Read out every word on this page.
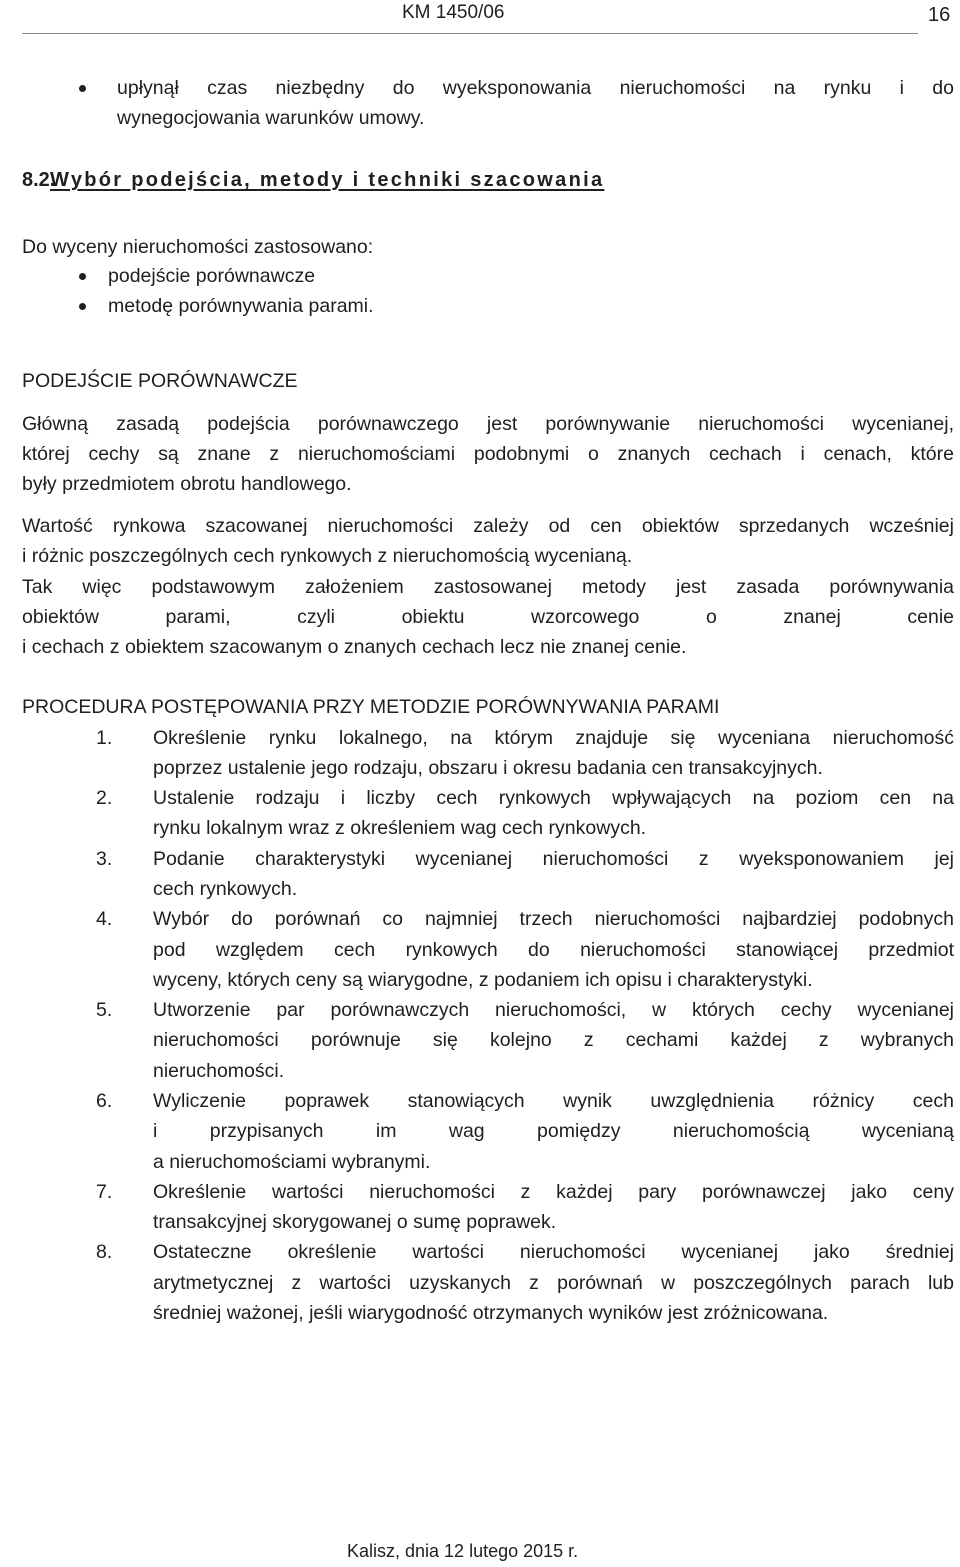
KM 1450/06	16
upłynął czas niezbędny do wyeksponowania nieruchomości na rynku i do
wynegocjowania warunków umowy.
8.2.
Wybór podejścia, metody i techniki szacowania
Do wyceny nieruchomości zastosowano:
podejście porównawcze
metodę porównywania parami.
PODEJŚCIE PORÓWNAWCZE
Główną zasadą podejścia porównawczego jest porównywanie nieruchomości wycenianej,
której cechy są znane z nieruchomościami podobnymi o znanych cechach i cenach, które
były przedmiotem obrotu handlowego.
Wartość rynkowa szacowanej nieruchomości zależy od cen obiektów sprzedanych wcześniej
i różnic poszczególnych cech rynkowych z nieruchomością wycenianą.
Tak więc podstawowym założeniem zastosowanej metody jest zasada porównywania
obiektów parami, czyli obiektu wzorcowego o znanej cenie
i cechach z obiektem szacowanym o znanych cechach lecz nie znanej cenie.
PROCEDURA POSTĘPOWANIA PRZY METODZIE PORÓWNYWANIA PARAMI
1. Określenie rynku lokalnego, na którym znajduje się wyceniana nieruchomość
poprzez ustalenie jego rodzaju, obszaru i okresu badania cen transakcyjnych.
2. Ustalenie rodzaju i liczby cech rynkowych wpływających na poziom cen na
rynku lokalnym wraz z określeniem wag cech rynkowych.
3. Podanie charakterystyki wycenianej nieruchomości z wyeksponowaniem jej
cech rynkowych.
4. Wybór do porównań co najmniej trzech nieruchomości najbardziej podobnych
pod względem cech rynkowych do nieruchomości stanowiącej przedmiot
wyceny, których ceny są wiarygodne, z podaniem ich opisu i charakterystyki.
5. Utworzenie par porównawczych nieruchomości, w których cechy wycenianej
nieruchomości porównuje się kolejno z cechami każdej z wybranych
nieruchomości.
6. Wyliczenie poprawek stanowiących wynik uwzględnienia różnicy cech
i przypisanych im wag pomiędzy nieruchomością wycenianą
a nieruchomościami wybranymi.
7. Określenie wartości nieruchomości z każdej pary porównawczej jako ceny
transakcyjnej skorygowanej o sumę poprawek.
8. Ostateczne określenie wartości nieruchomości wycenianej jako średniej
arytmetycznej z wartości uzyskanych z porównań w poszczególnych parach lub
średniej ważonej, jeśli wiarygodność otrzymanych wyników jest zróżnicowana.
Kalisz, dnia 12 lutego 2015 r.
